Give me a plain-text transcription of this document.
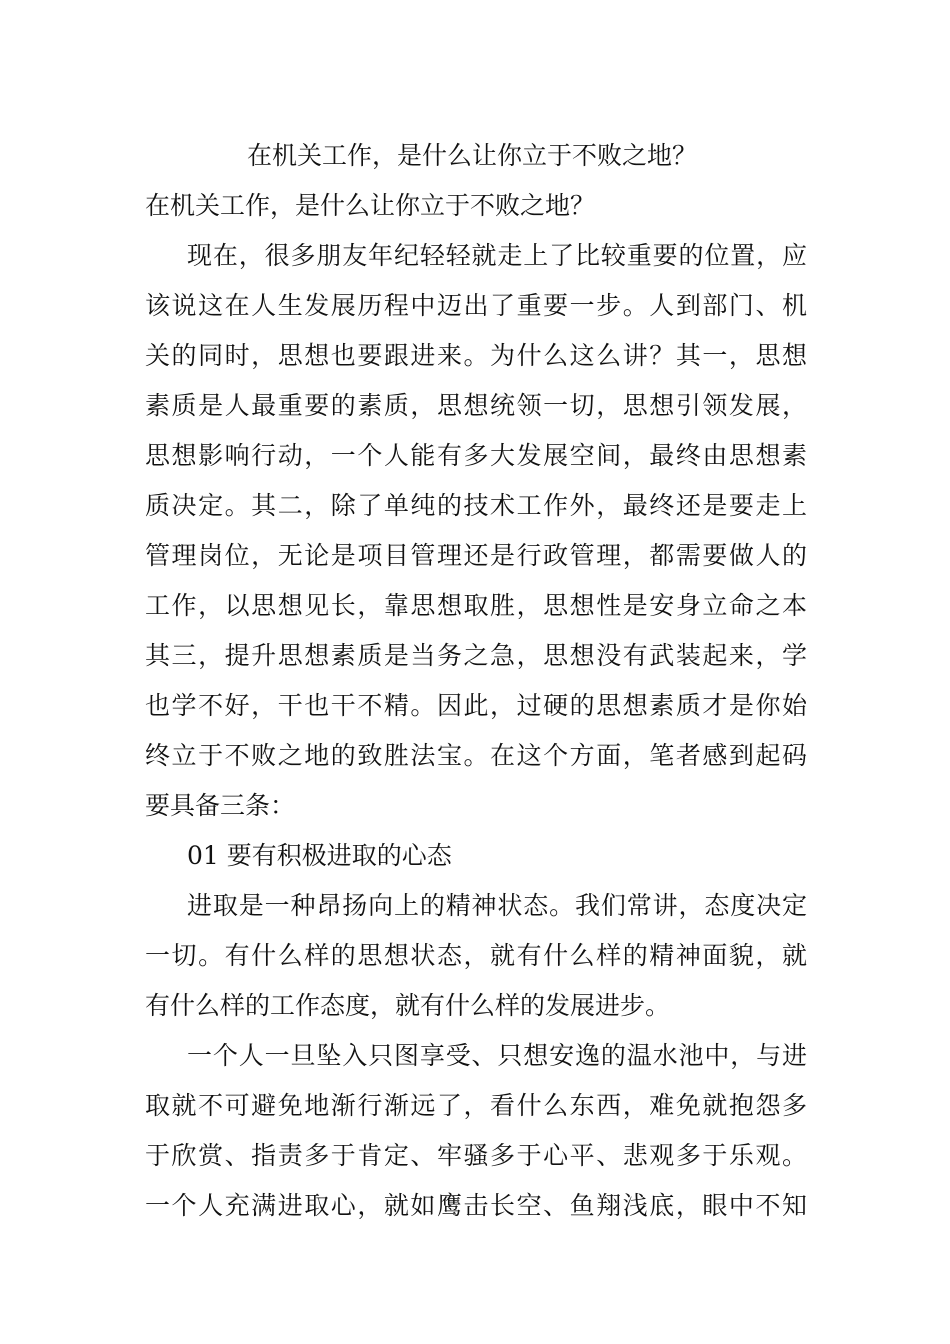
在机关工作，是什么让你立于不败之地？
在机关工作，是什么让你立于不败之地？
现在，很多朋友年纪轻轻就走上了比较重要的位置，应
该说这在人生发展历程中迈出了重要一步。人到部门、机
关的同时，思想也要跟进来。为什么这么讲？其一，思想
素质是人最重要的素质，思想统领一切，思想引领发展，
思想影响行动，一个人能有多大发展空间，最终由思想素
质决定。其二，除了单纯的技术工作外，最终还是要走上
管理岗位，无论是项目管理还是行政管理，都需要做人的
工作，以思想见长，靠思想取胜，思想性是安身立命之本
其三，提升思想素质是当务之急，思想没有武装起来，学
也学不好，干也干不精。因此，过硬的思想素质才是你始
终立于不败之地的致胜法宝。在这个方面，笔者感到起码
要具备三条：
01 要有积极进取的心态
进取是一种昂扬向上的精神状态。我们常讲，态度决定
一切。有什么样的思想状态，就有什么样的精神面貌，就
有什么样的工作态度，就有什么样的发展进步。
一个人一旦坠入只图享受、只想安逸的温水池中，与进
取就不可避免地渐行渐远了，看什么东西，难免就抱怨多
于欣赏、指责多于肯定、牢骚多于心平、悲观多于乐观。
一个人充满进取心，就如鹰击长空、鱼翔浅底，眼中不知
